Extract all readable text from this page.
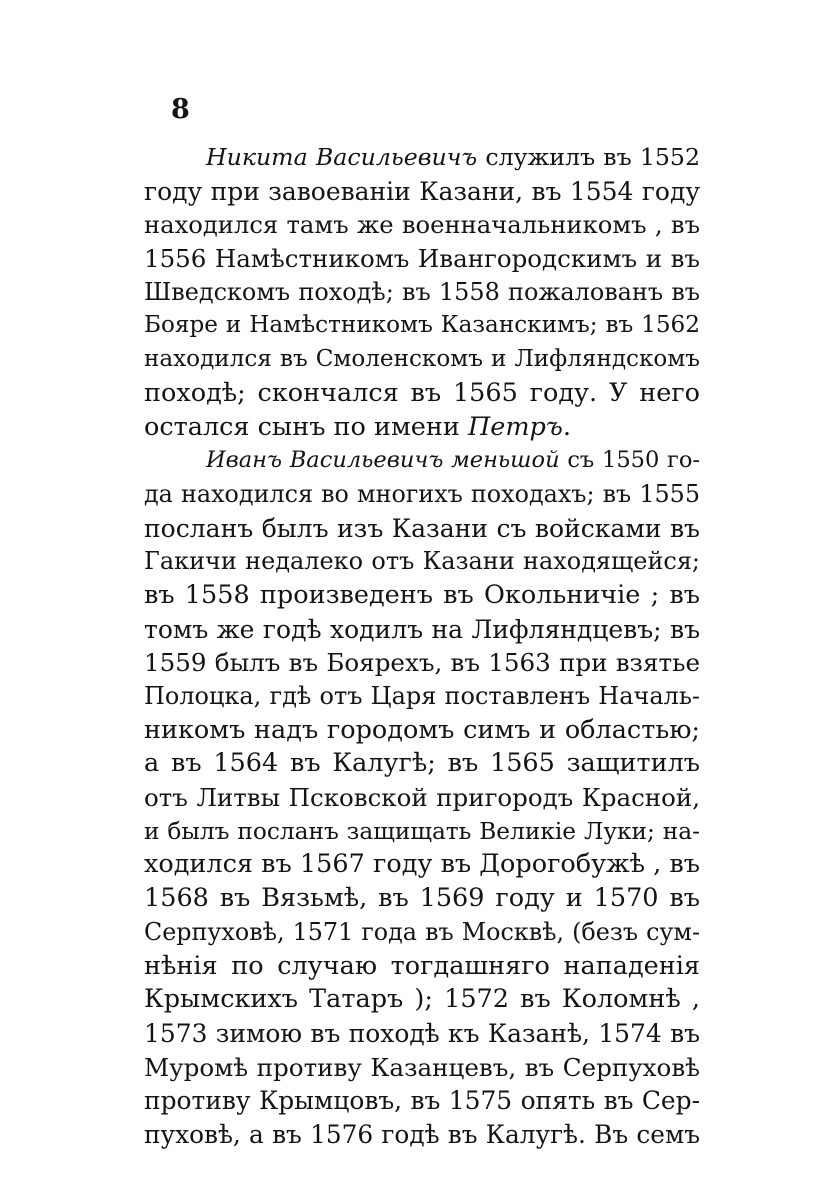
8
Никита Васильевичъ служилъ въ 1552
году при завоеваніи Казани, въ 1554 году
находился тамъ же военначальникомъ , въ
1556 Намѣстникомъ Ивангородскимъ и въ
Шведскомъ походѣ; въ 1558 пожалованъ въ
Бояре и Намѣстникомъ Казанскимъ; въ 1562
находился въ Смоленскомъ и Лифляндскомъ
походѣ; скончался въ 1565 году. У него
остался сынъ по имени Петръ.
Иванъ Васильевичъ меньшой съ 1550 го-
да находился во многихъ походахъ; въ 1555
посланъ былъ изъ Казани съ войсками въ
Гакичи недалеко отъ Казани находящейся;
въ 1558 произведенъ въ Окольничіе ; въ
томъ же годѣ ходилъ на Лифляндцевъ; въ
1559 былъ въ Боярехъ, въ 1563 при взятье
Полоцка, гдѣ отъ Царя поставленъ Началь-
никомъ надъ городомъ симъ и областью;
а въ 1564 въ Калугѣ; въ 1565 защитилъ
отъ Литвы Псковской пригородъ Красной,
и былъ посланъ защищать Великіе Луки; на-
ходился въ 1567 году въ Дорогобужѣ , въ
1568 въ Вязьмѣ, въ 1569 году и 1570 въ
Серпуховѣ, 1571 года въ Москвѣ, (безъ сум-
нѣнія по случаю тогдашняго нападенія
Крымскихъ Татаръ ); 1572 въ Коломнѣ ,
1573 зимою въ походѣ къ Казанѣ, 1574 въ
Муромѣ противу Казанцевъ, въ Серпуховѣ
противу Крымцовъ, въ 1575 опять въ Сер-
пуховѣ, а въ 1576 годѣ въ Калугѣ. Въ семъ
